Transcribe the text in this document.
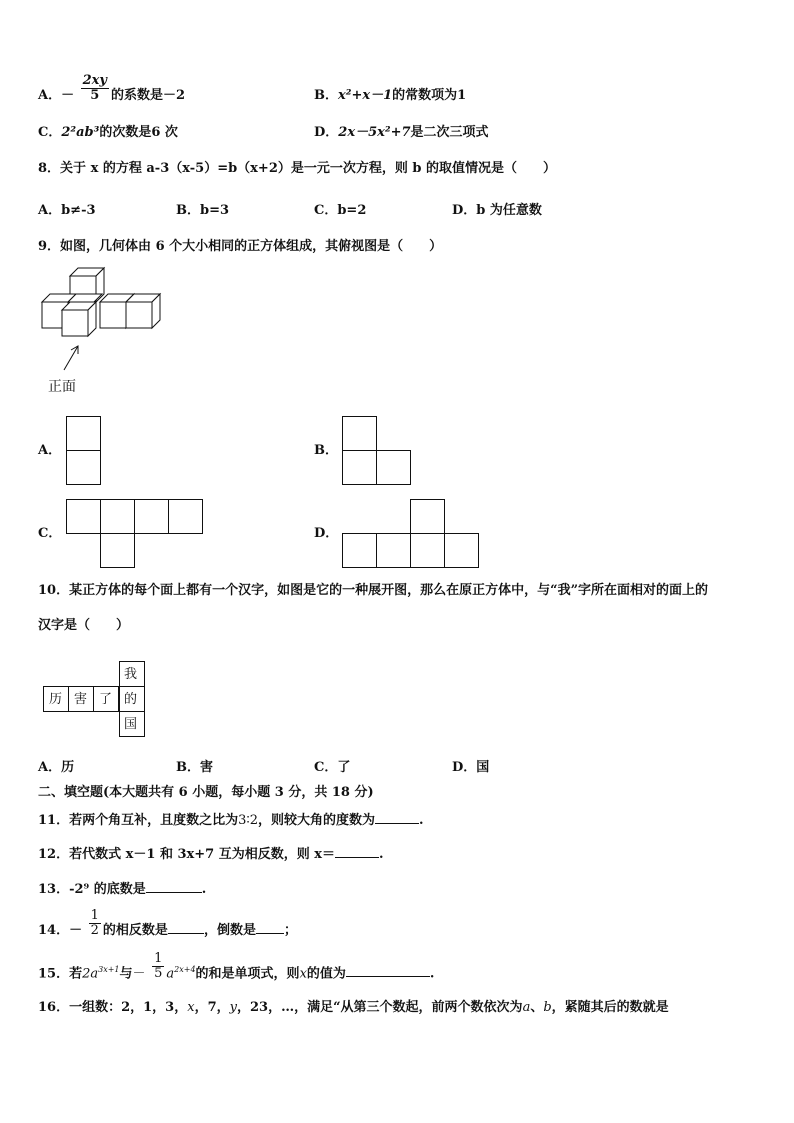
A．－ $\frac{2xy}{5}$ 的系数是－2	B．x²+x－1的常数项为1
C．2²ab³的次数是6 次	D．2x－5x²+7是二次三项式
8．关于 x 的方程 a-3（x-5）=b（x+2）是一元一次方程，则 b 的取值情况是（　　）
A．b≠-3	B．b=3	C．b=2	D．b 为任意数
9．如图，几何体由 6 个大小相同的正方体组成，其俯视图是（　　）
正面
A．	B．
C．	D．
10．某正方体的每个面上都有一个汉字，如图是它的一种展开图，那么在原正方体中，与“我”字所在面相对的面上的
汉字是（　　）
我
历 害 了 的
国
A．历	B．害	C．了	D．国
二、填空题(本大题共有 6 小题，每小题 3 分，共 18 分)
11．若两个角互补，且度数之比为3∶2，则较大角的度数为	.
12．若代数式 x－1 和 3x+7 互为相反数，则 x＝	.
13．-2⁹ 的底数是	.
14．－ $\frac{1}{2}$ 的相反数是	，倒数是 ；
15．若$2a^{3x+1}$与－ $\frac{1}{5} a^{2x+4}$的和是单项式，则x的值为	.
16．一组数：2，1，3，x，7，y，23，…，满足“从第三个数起，前两个数依次为a、b，紧随其后的数就是
